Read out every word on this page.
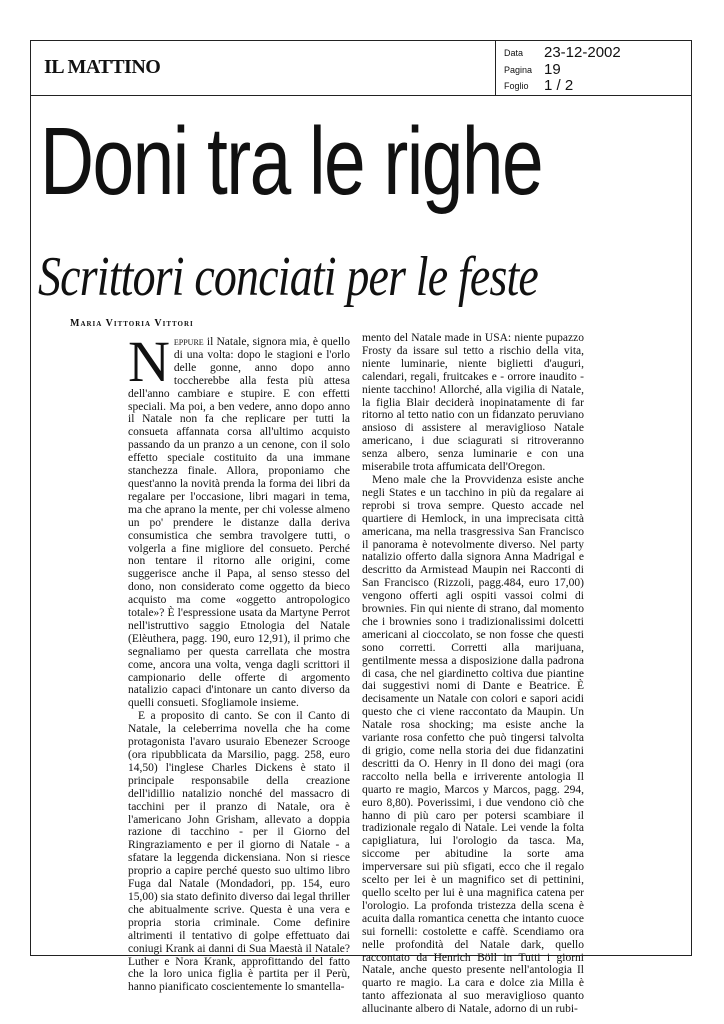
IL MATTINO
Data 23-12-2002
Pagina 19
Foglio 1 / 2
Doni tra le righe
Scrittori conciati per le feste
Maria Vittoria Vittori

Neppure il Natale, signora mia, è quello di una volta: dopo le stagioni e l'orlo delle gonne, anno dopo anno toccherebbe alla festa più attesa dell'anno cambiare e stupire. E con effetti speciali. Ma poi, a ben vedere, anno dopo anno il Natale non fa che replicare per tutti la consueta affannata corsa all'ultimo acquisto passando da un pranzo a un cenone, con il solo effetto speciale costituito da una immane stanchezza finale. Allora, proponiamo che quest'anno la novità prenda la forma dei libri da regalare per l'occasione, libri magari in tema, ma che aprano la mente, per chi volesse almeno un po' prendere le distanze dalla deriva consumistica che sembra travolgere tutti, o volgerla a fine migliore del consueto. Perché non tentare il ritorno alle origini, come suggerisce anche il Papa, al senso stesso del dono, non considerato come oggetto da bieco acquisto ma come «oggetto antropologico totale»? È l'espressione usata da Martyne Perrot nell'istruttivo saggio Etnologia del Natale (Elèuthera, pagg. 190, euro 12,91), il primo che segnaliamo per questa carrellata che mostra come, ancora una volta, venga dagli scrittori il campionario delle offerte di argomento natalizio capaci d'intonare un canto diverso da quelli consueti. Sfogliamole insieme.

E a proposito di canto. Se con il Canto di Natale, la celeberrima novella che ha come protagonista l'avaro usuraio Ebenezer Scrooge (ora ripubblicata da Marsilio, pagg. 258, euro 14,50) l'inglese Charles Dickens è stato il principale responsabile della creazione dell'idillio natalizio nonché del massacro di tacchini per il pranzo di Natale, ora è l'americano John Grisham, allevato a doppia razione di tacchino - per il Giorno del Ringraziamento e per il giorno di Natale - a sfatare la leggenda dickensiana. Non si riesce proprio a capire perché questo suo ultimo libro Fuga dal Natale (Mondadori, pp. 154, euro 15,00) sia stato definito diverso dai legal thriller che abitualmente scrive. Questa è una vera e propria storia criminale. Come definire altrimenti il tentativo di golpe effettuato dai coniugi Krank ai danni di Sua Maestà il Natale? Luther e Nora Krank, approfittando del fatto che la loro unica figlia è partita per il Perù, hanno pianificato coscientemente lo smantella-

mento del Natale made in USA: niente pupazzo Frosty da issare sul tetto a rischio della vita, niente luminarie, niente biglietti d'auguri, calendari, regali, fruitcakes e - orrore inaudito - niente tacchino! Allorché, alla vigilia di Natale, la figlia Blair deciderà inopinatamente di far ritorno al tetto natio con un fidanzato peruviano ansioso di assistere al meraviglioso Natale americano, i due sciagurati si ritroveranno senza albero, senza luminarie e con una miserabile trota affumicata dell'Oregon.

Meno male che la Provvidenza esiste anche negli States e un tacchino in più da regalare ai reprobi si trova sempre. Questo accade nel quartiere di Hemlock, in una imprecisata città americana, ma nella trasgressiva San Francisco il panorama è notevolmente diverso. Nel party natalizio offerto dalla signora Anna Madrigal e descritto da Armistead Maupin nei Racconti di San Francisco (Rizzoli, pagg.484, euro 17,00) vengono offerti agli ospiti vassoi colmi di brownies. Fin qui niente di strano, dal momento che i brownies sono i tradizionalissimi dolcetti americani al cioccolato, se non fosse che questi sono corretti. Corretti alla marijuana, gentilmente messa a disposizione dalla padrona di casa, che nel giardinetto coltiva due piantine dai suggestivi nomi di Dante e Beatrice. È decisamente un Natale con colori e sapori acidi questo che ci viene raccontato da Maupin. Un Natale rosa shocking; ma esiste anche la variante rosa confetto che può tingersi talvolta di grigio, come nella storia dei due fidanzatini descritti da O. Henry in Il dono dei magi (ora raccolto nella bella e irriverente antologia Il quarto re magio, Marcos y Marcos, pagg. 294, euro 8,80). Poverissimi, i due vendono ciò che hanno di più caro per potersi scambiare il tradizionale regalo di Natale. Lei vende la folta capigliatura, lui l'orologio da tasca. Ma, siccome per abitudine la sorte ama imperversare sui più sfigati, ecco che il regalo scelto per lei è un magnifico set di pettinini, quello scelto per lui è una magnifica catena per l'orologio. La profonda tristezza della scena è acuita dalla romantica cenetta che intanto cuoce sui fornelli: costolette e caffè. Scendiamo ora nelle profondità del Natale dark, quello raccontato da Henrich Böll in Tutti i giorni Natale, anche questo presente nell'antologia Il quarto re magio. La cara e dolce zia Milla è tanto affezionata al suo meraviglioso quanto allucinante albero di Natale, adorno di un rubi-
